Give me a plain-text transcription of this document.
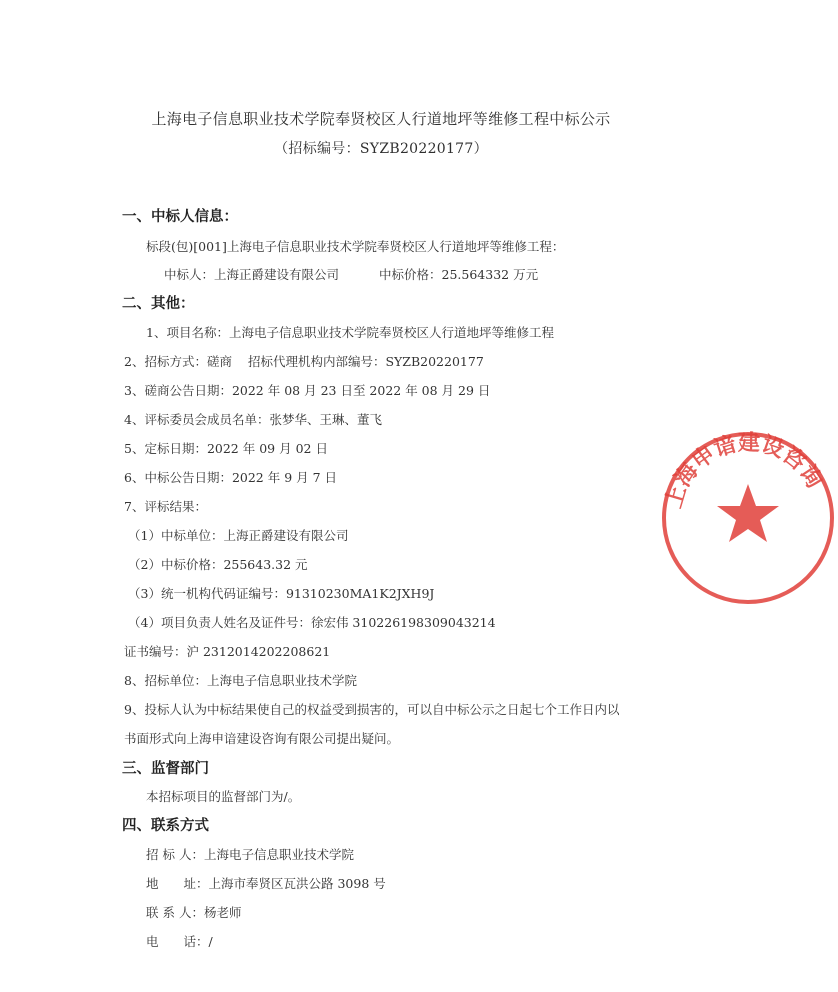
上海电子信息职业技术学院奉贤校区人行道地坪等维修工程中标公示
（招标编号：SYZB20220177）
一、中标人信息：
标段(包)[001]上海电子信息职业技术学院奉贤校区人行道地坪等维修工程：
中标人：上海正爵建设有限公司	中标价格：25.564332 万元
二、其他：
1、项目名称：上海电子信息职业技术学院奉贤校区人行道地坪等维修工程
2、招标方式：磋商 招标代理机构内部编号：SYZB20220177
3、磋商公告日期：2022 年 08 月 23 日至 2022 年 08 月 29 日
4、评标委员会成员名单：张梦华、王琳、董飞
5、定标日期：2022 年 09 月 02 日
6、中标公告日期：2022 年 9 月 7 日
7、评标结果：
（1）中标单位：上海正爵建设有限公司
（2）中标价格：255643.32 元
（3）统一机构代码证编号：91310230MA1K2JXH9J
（4）项目负责人姓名及证件号：徐宏伟 310226198309043214
证书编号：沪 2312014202208621
8、招标单位：上海电子信息职业技术学院
9、投标人认为中标结果使自己的权益受到损害的，可以自中标公示之日起七个工作日内以
书面形式向上海申谙建设咨询有限公司提出疑问。
三、监督部门
本招标项目的监督部门为/。
四、联系方式
招 标 人：上海电子信息职业技术学院
地　　址：上海市奉贤区瓦洪公路 3098 号
联 系 人：杨老师
电　　话：/
上海申谙建设咨询
